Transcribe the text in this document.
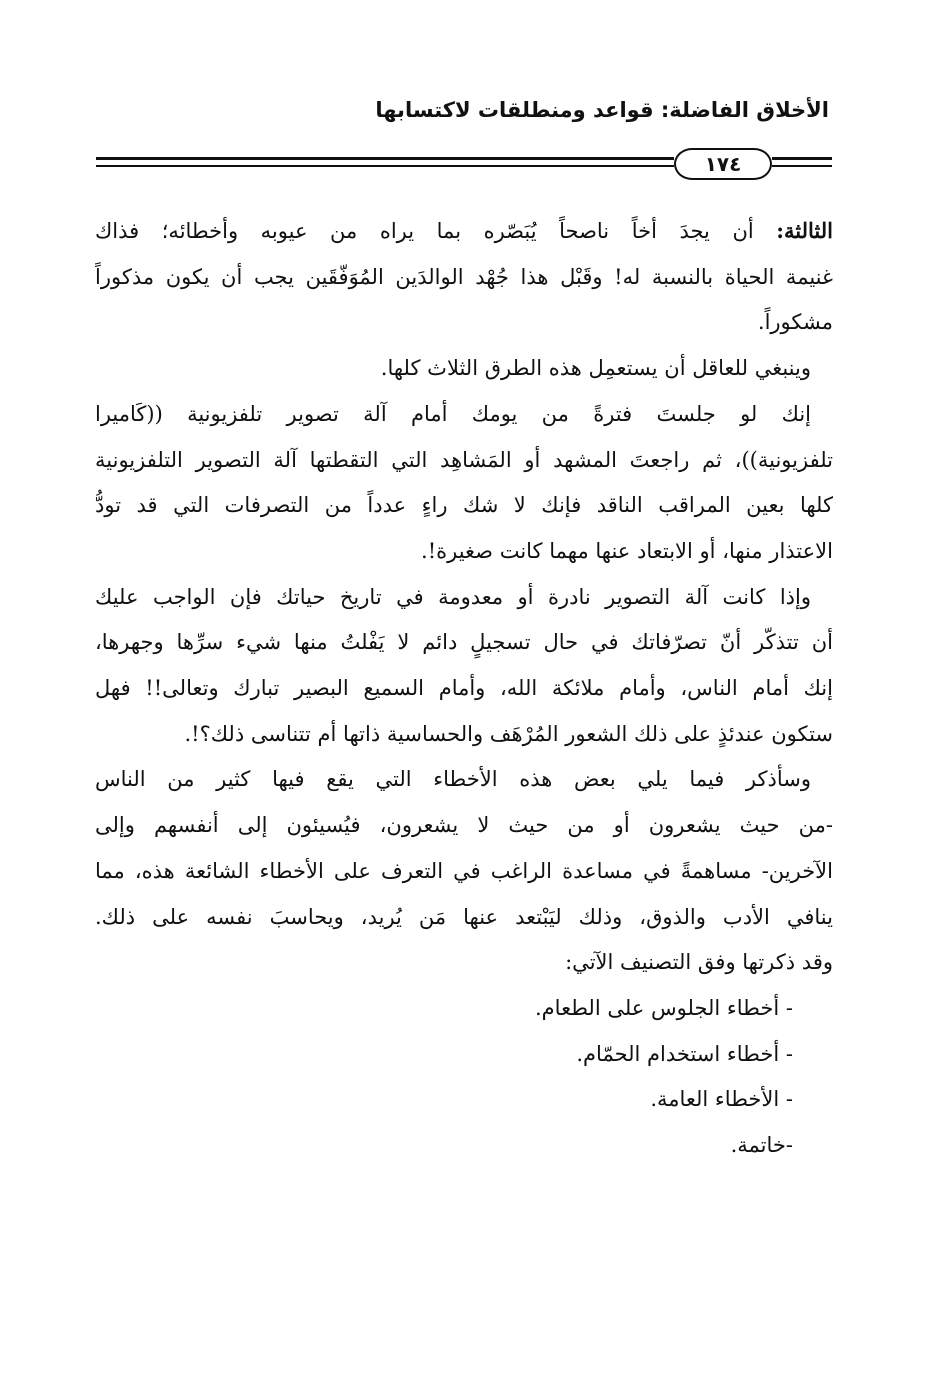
الأخلاق الفاضلة: قواعد ومنطلقات لاكتسابها
١٧٤
الثالثة: أن يجدَ أخاً ناصحاً يُبَصّره بما يراه من عيوبه وأخطائه؛ فذاك
غنيمة الحياة بالنسبة له! وقَبْل هذا جُهْد الوالدَين المُوَفّقَين يجب أن يكون مذكوراً
مشكوراً.
وينبغي للعاقل أن يستعمِل هذه الطرق الثلاث كلها.
إنك لو جلستَ فترةً من يومك أمام آلة تصوير تلفزيونية ((كَاميرا
تلفزيونية))، ثم راجعتَ المشهد أو المَشاهِد التي التقطتها آلة التصوير التلفزيونية
كلها بعين المراقب الناقد فإنك لا شك راءٍ عدداً من التصرفات التي قد تودُّ
الاعتذار منها، أو الابتعاد عنها مهما كانت صغيرة!.
وإذا كانت آلة التصوير نادرة أو معدومة في تاريخ حياتك فإن الواجب عليك
أن تتذكّر أنّ تصرّفاتك في حال تسجيلٍ دائم لا يَفْلتُ منها شيء سرِّها وجهرها،
إنك أمام الناس، وأمام ملائكة الله، وأمام السميع البصير تبارك وتعالى!! فهل
ستكون عندئذٍ على ذلك الشعور المُرْهَف والحساسية ذاتها أم تتناسى ذلك؟!.
وسأذكر فيما يلي بعض هذه الأخطاء التي يقع فيها كثير من الناس
-من حيث يشعرون أو من حيث لا يشعرون، فيُسيئون إلى أنفسهم وإلى
الآخرين- مساهمةً في مساعدة الراغب في التعرف على الأخطاء الشائعة هذه، مما
ينافي الأدب والذوق، وذلك ليَبْتعد عنها مَن يُريد، ويحاسبَ نفسه على ذلك.
وقد ذكرتها وفق التصنيف الآتي:
- أخطاء الجلوس على الطعام.
- أخطاء استخدام الحمّام.
- الأخطاء العامة.
-خاتمة.
